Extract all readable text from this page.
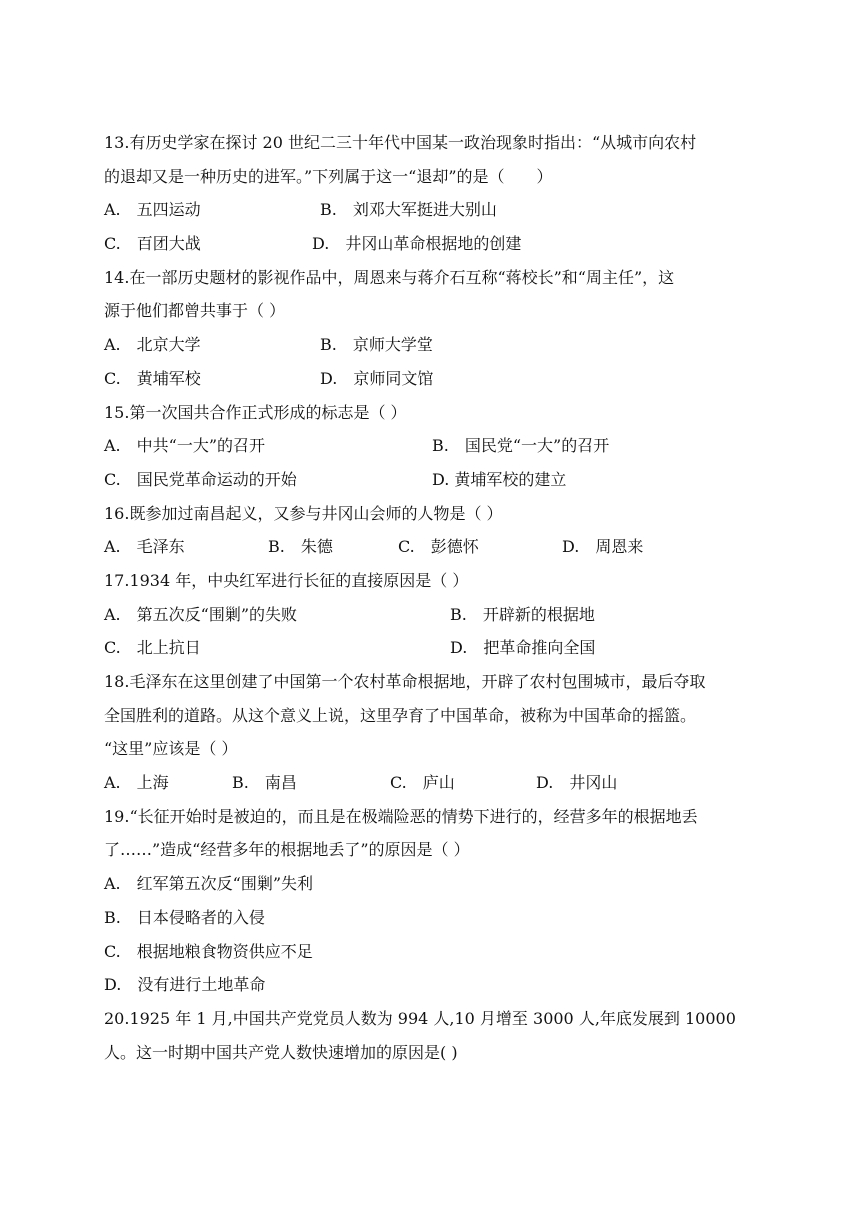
13.有历史学家在探讨 20 世纪二三十年代中国某一政治现象时指出：“从城市向农村
的退却又是一种历史的进军。”下列属于这一“退却”的是（　　）
A.　五四运动	B.　刘邓大军挺进大别山
C.　百团大战	D.　井冈山革命根据地的创建
14.在一部历史题材的影视作品中，周恩来与蒋介石互称“蒋校长”和“周主任”，这
源于他们都曾共事于（ ）
A.　北京大学	B.　京师大学堂
C.　黄埔军校	D.　京师同文馆
15.第一次国共合作正式形成的标志是（ ）
A.　中共“一大”的召开	B.　国民党“一大”的召开
C.　国民党革命运动的开始	D. 黄埔军校的建立
16.既参加过南昌起义，又参与井冈山会师的人物是（ ）
A.　毛泽东	B.　朱德	C.　彭德怀	D.　周恩来
17.1934 年，中央红军进行长征的直接原因是（ ）
A.　第五次反“围剿”的失败	B.　开辟新的根据地
C.　北上抗日	D.　把革命推向全国
18.毛泽东在这里创建了中国第一个农村革命根据地，开辟了农村包围城市，最后夺取
全国胜利的道路。从这个意义上说，这里孕育了中国革命，被称为中国革命的摇篮。
“这里”应该是（ ）
A.　上海	B.　南昌	C.　庐山	D.　井冈山
19.“长征开始时是被迫的，而且是在极端险恶的情势下进行的，经营多年的根据地丢
了……”造成“经营多年的根据地丢了”的原因是（ ）
A.　红军第五次反“围剿”失利
B.　日本侵略者的入侵
C.　根据地粮食物资供应不足
D.　没有进行土地革命
20.1925 年 1 月,中国共产党党员人数为 994 人,10 月增至 3000 人,年底发展到 10000
人。这一时期中国共产党人数快速增加的原因是( )
